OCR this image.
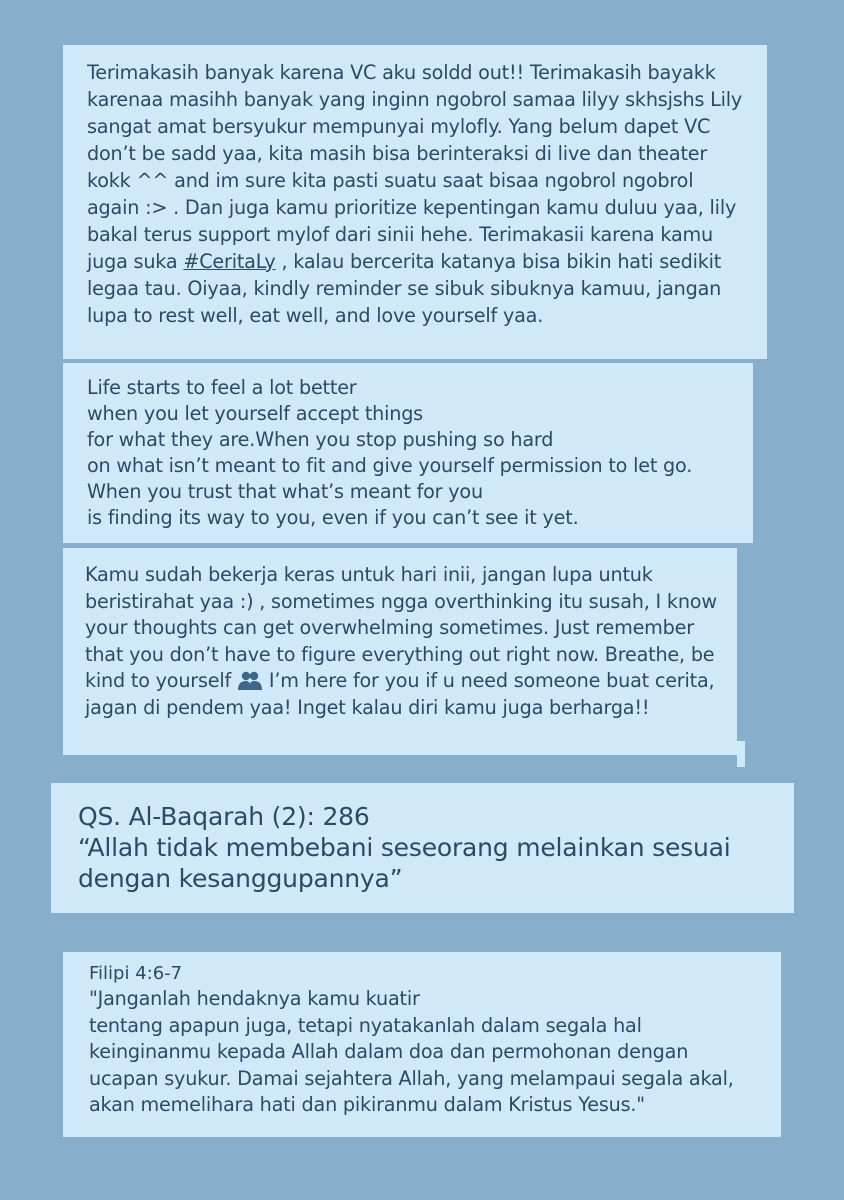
Terimakasih banyak karena VC aku soldd out!! Terimakasih bayakk karenaa masihh banyak yang inginn ngobrol samaa lilyy skhsjshs Lily sangat amat bersyukur mempunyai mylofly. Yang belum dapet VC don’t be sadd yaa, kita masih bisa berinteraksi di live dan theater kokk ^^ and im sure kita pasti suatu saat bisaa ngobrol ngobrol again :> . Dan juga kamu prioritize kepentingan kamu duluu yaa, lily bakal terus support mylof dari sinii hehe. Terimakasii karena kamu juga suka #CeritaLy , kalau bercerita katanya bisa bikin hati sedikit legaa tau. Oiyaa, kindly reminder se sibuk sibuknya kamuu, jangan lupa to rest well, eat well, and love yourself yaa.

Life starts to feel a lot better
when you let yourself accept things
for what they are.When you stop pushing so hard
on what isn’t meant to fit and give yourself permission to let go.
When you trust that what’s meant for you
is finding its way to you, even if you can’t see it yet.

Kamu sudah bekerja keras untuk hari inii, jangan lupa untuk beristirahat yaa :) , sometimes ngga overthinking itu susah, I know your thoughts can get overwhelming sometimes. Just remember that you don’t have to figure everything out right now. Breathe, be kind to yourself  I’m here for you if u need someone buat cerita, jagan di pendem yaa! Inget kalau diri kamu juga berharga!!

QS. Al-Baqarah (2): 286
“Allah tidak membebani seseorang melainkan sesuai dengan kesanggupannya”
Filipi 4:6-7
"Janganlah hendaknya kamu kuatir
tentang apapun juga, tetapi nyatakanlah dalam segala hal keinginanmu kepada Allah dalam doa dan permohonan dengan ucapan syukur. Damai sejahtera Allah, yang melampaui segala akal, akan memelihara hati dan pikiranmu dalam Kristus Yesus."
